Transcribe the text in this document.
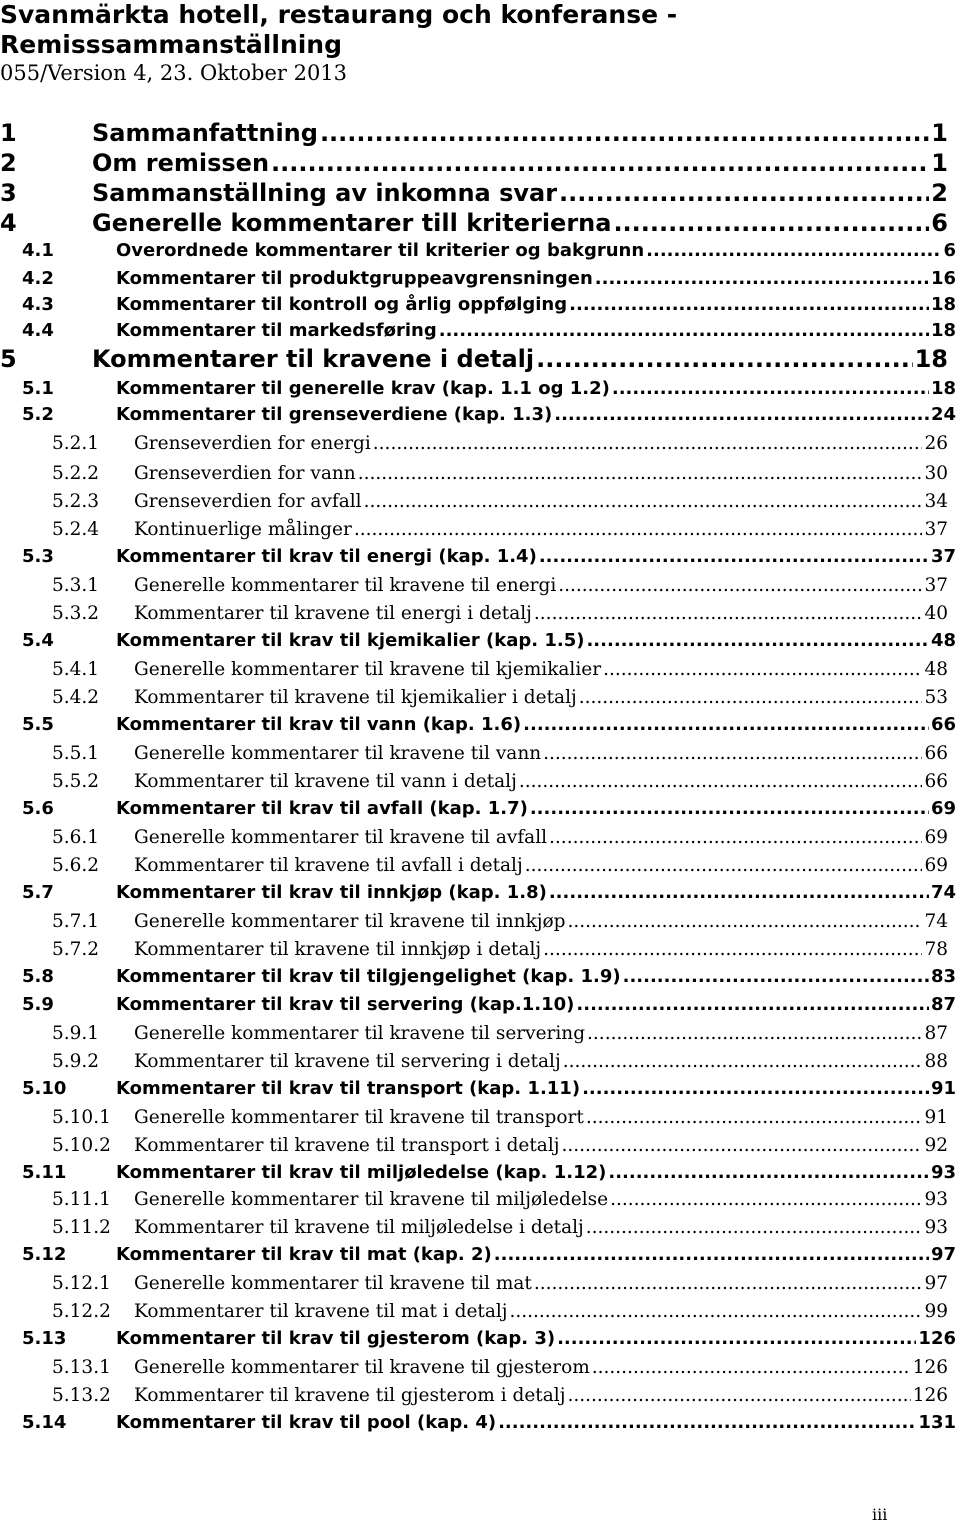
Svanmärkta hotell, restaurang och konferanse -
Remisssammanställning
055/Version 4, 23. Oktober 2013
1	Sammanfattning .....	1
2	Om remissen .....	1
3	Sammanställning av inkomna svar .....	2
4	Generelle kommentarer till kriterierna .....	6
4.1	Overordnede kommentarer til kriterier og bakgrunn .....	6
4.2	Kommentarer til produktgruppeavgrensningen .....	16
4.3	Kommentarer til kontroll og årlig oppfølging .....	18
4.4	Kommentarer til markedsføring .....	18
5	Kommentarer til kravene i detalj .....	18
5.1	Kommentarer til generelle krav (kap. 1.1 og 1.2) .....	18
5.2	Kommentarer til grenseverdiene (kap. 1.3) .....	24
5.2.1	Grenseverdien for energi .....	26
5.2.2	Grenseverdien for vann .....	30
5.2.3	Grenseverdien for avfall .....	34
5.2.4	Kontinuerlige målinger .....	37
5.3	Kommentarer til krav til energi (kap. 1.4) .....	37
5.3.1	Generelle kommentarer til kravene til energi .....	37
5.3.2	Kommentarer til kravene til energi i detalj .....	40
5.4	Kommentarer til krav til kjemikalier (kap. 1.5) .....	48
5.4.1	Generelle kommentarer til kravene til kjemikalier .....	48
5.4.2	Kommentarer til kravene til kjemikalier i detalj .....	53
5.5	Kommentarer til krav til vann (kap. 1.6) .....	66
5.5.1	Generelle kommentarer til kravene til vann .....	66
5.5.2	Kommentarer til kravene til vann i detalj .....	66
5.6	Kommentarer til krav til avfall (kap. 1.7) .....	69
5.6.1	Generelle kommentarer til kravene til avfall .....	69
5.6.2	Kommentarer til kravene til avfall i detalj .....	69
5.7	Kommentarer til krav til innkjøp (kap. 1.8) .....	74
5.7.1	Generelle kommentarer til kravene til innkjøp .....	74
5.7.2	Kommentarer til kravene til innkjøp i detalj .....	78
5.8	Kommentarer til krav til tilgjengelighet (kap. 1.9) .....	83
5.9	Kommentarer til krav til servering (kap.1.10) .....	87
5.9.1	Generelle kommentarer til kravene til servering .....	87
5.9.2	Kommentarer til kravene til servering i detalj .....	88
5.10	Kommentarer til krav til transport (kap. 1.11) .....	91
5.10.1	Generelle kommentarer til kravene til transport .....	91
5.10.2	Kommentarer til kravene til transport i detalj .....	92
5.11	Kommentarer til krav til miljøledelse (kap. 1.12) .....	93
5.11.1	Generelle kommentarer til kravene til miljøledelse .....	93
5.11.2	Kommentarer til kravene til miljøledelse i detalj .....	93
5.12	Kommentarer til krav til mat (kap. 2) .....	97
5.12.1	Generelle kommentarer til kravene til mat .....	97
5.12.2	Kommentarer til kravene til mat i detalj .....	99
5.13	Kommentarer til krav til gjesterom (kap. 3) .....	126
5.13.1	Generelle kommentarer til kravene til gjesterom .....	126
5.13.2	Kommentarer til kravene til gjesterom i detalj .....	126
5.14	Kommentarer til krav til pool (kap. 4) .....	131
iii
